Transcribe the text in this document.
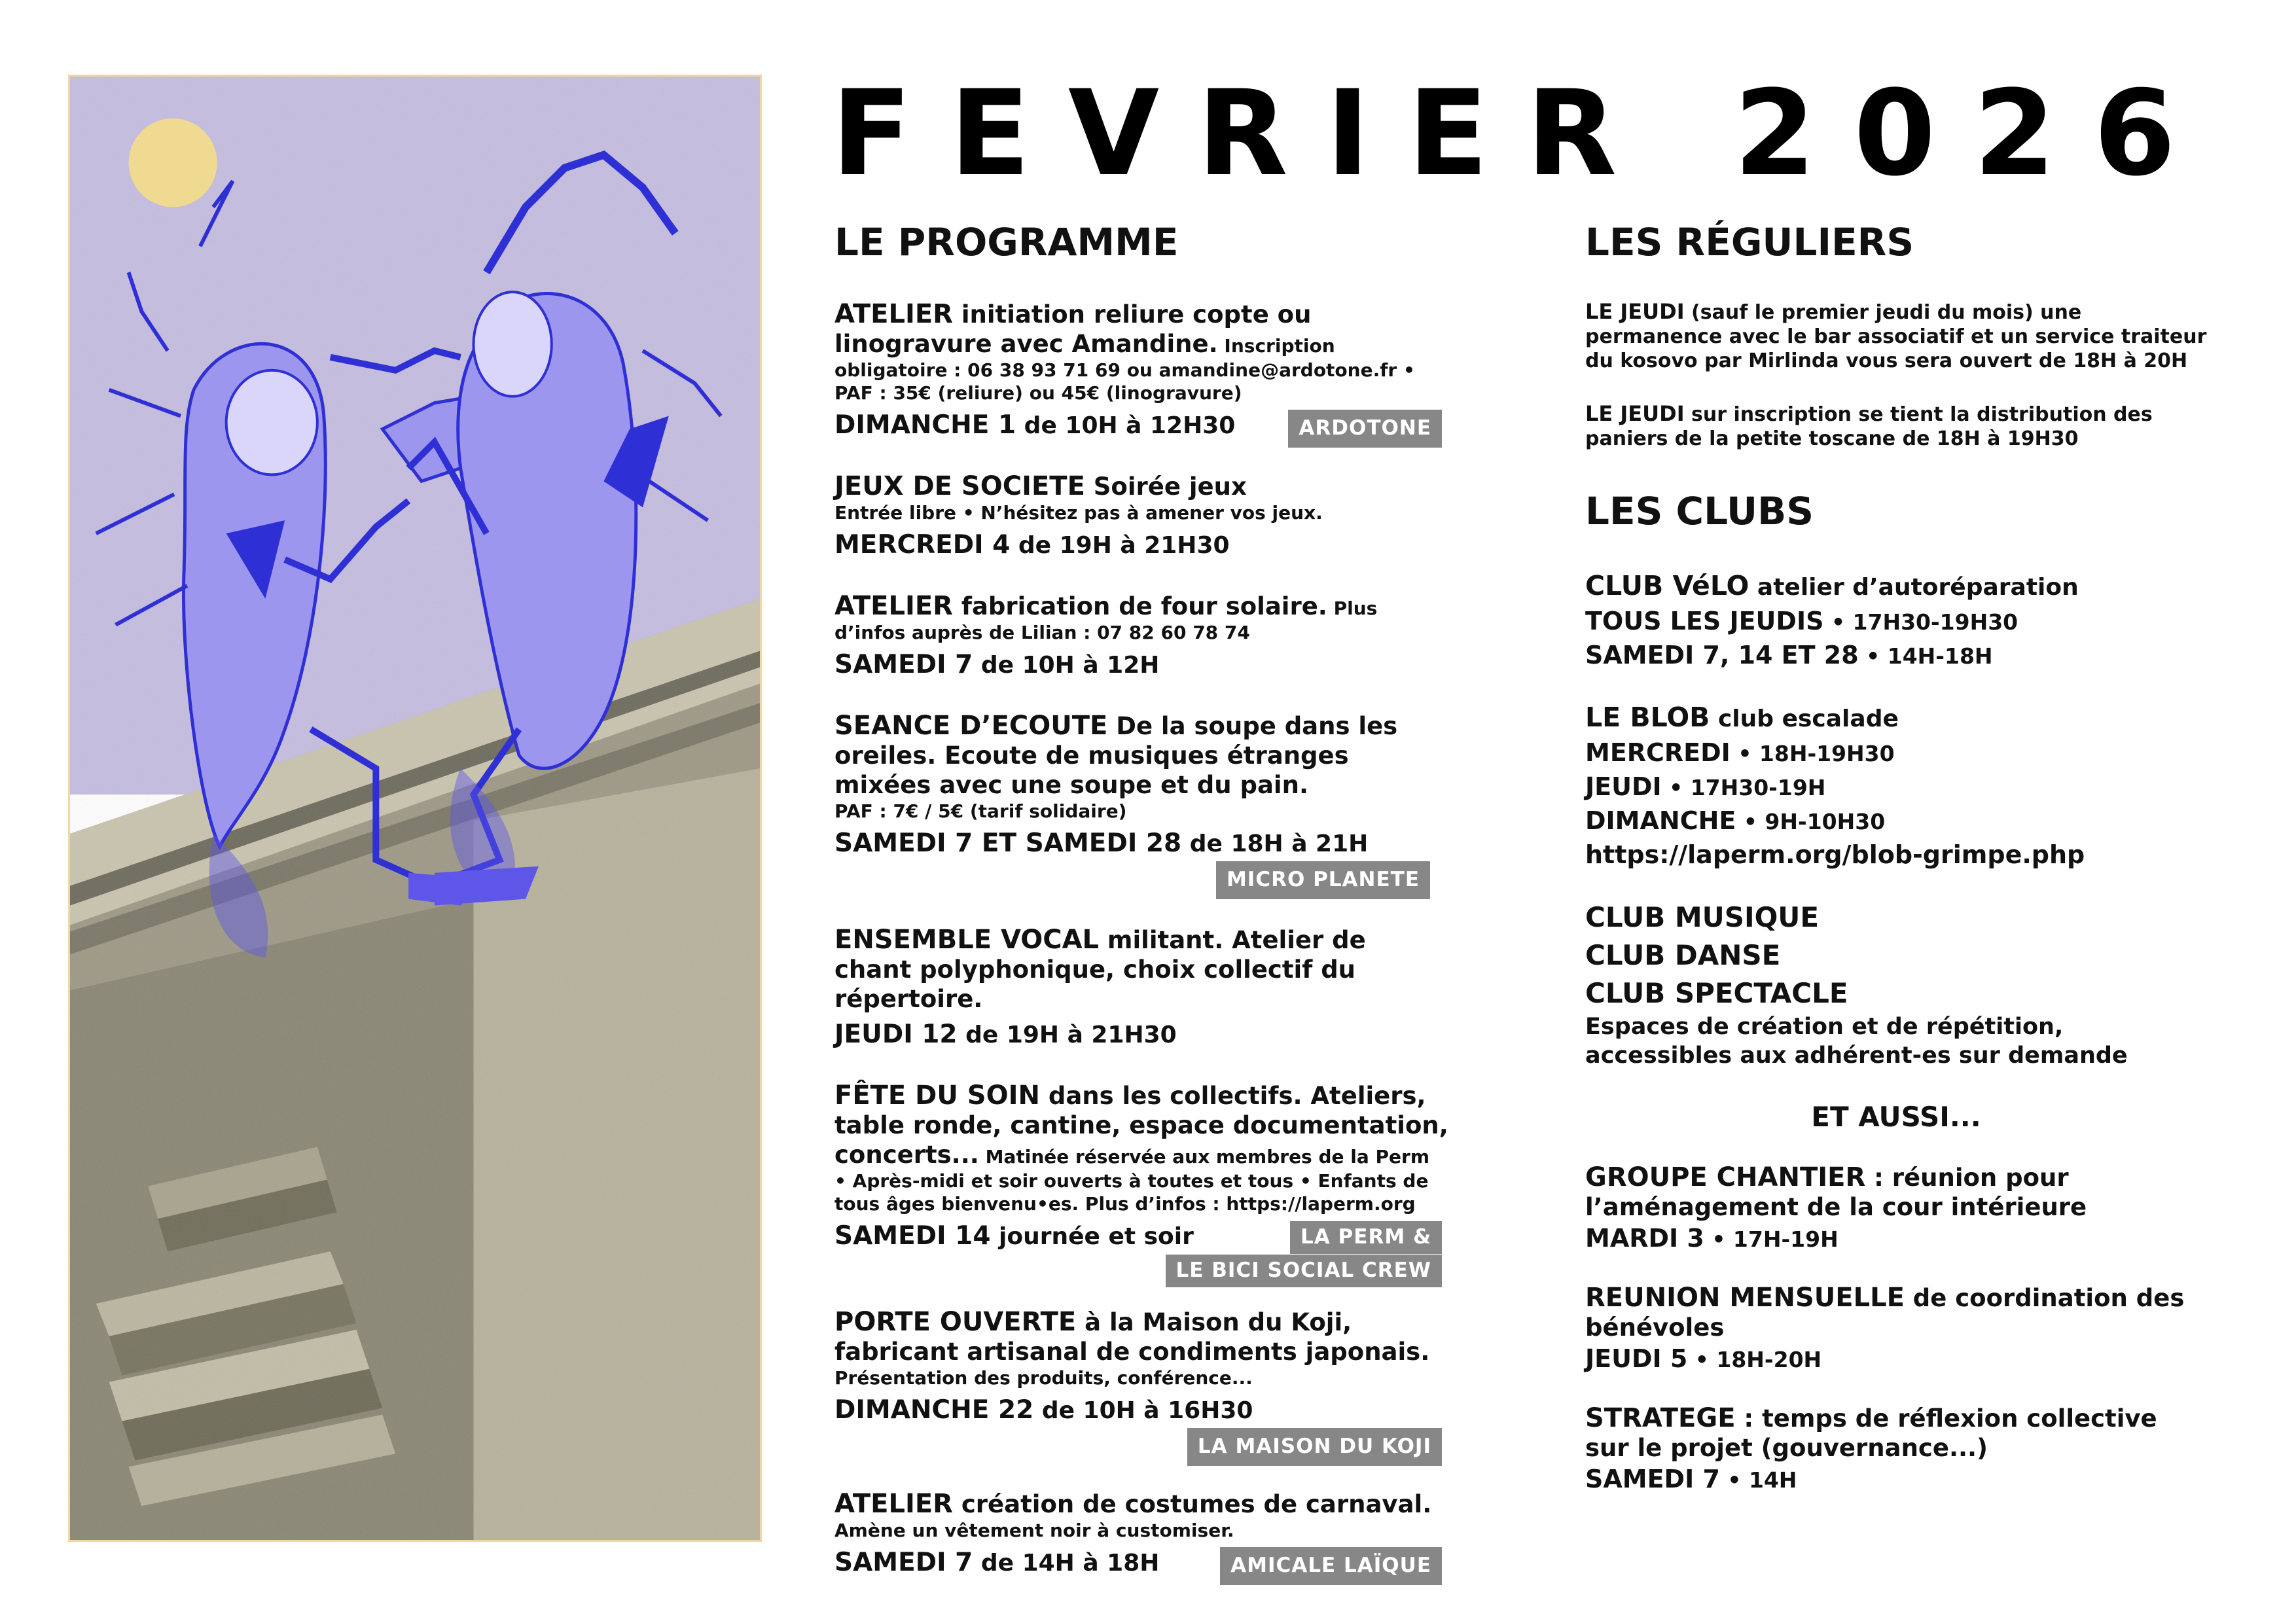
FEVRIER 2026
LE PROGRAMME
ATELIER initiation reliure copte ou linogravure avec Amandine. Inscription
obligatoire : 06 38 93 71 69 ou amandine@ardotone.fr • PAF : 35€ (reliure) ou 45€ (linogravure)
DIMANCHE 1 de 10H à 12H30	ARDOTONE
JEUX DE SOCIETE Soirée jeux
Entrée libre • N’hésitez pas à amener vos jeux.
MERCREDI 4 de 19H à 21H30
ATELIER fabrication de four solaire. Plus
d’infos auprès de Lilian : 07 82 60 78 74
SAMEDI 7 de 10H à 12H
SEANCE D’ECOUTE De la soupe dans les oreiles. Ecoute de musiques étranges mixées avec une soupe et du pain.
PAF : 7€ / 5€ (tarif solidaire)
SAMEDI 7 ET SAMEDI 28 de 18H à 21H
MICRO PLANETE
ENSEMBLE VOCAL militant. Atelier de chant polyphonique, choix collectif du répertoire.
JEUDI 12 de 19H à 21H30
FÊTE DU SOIN dans les collectifs. Ateliers, table ronde, cantine, espace documentation, concerts... Matinée réservée aux membres de la Perm
• Après-midi et soir ouverts à toutes et tous • Enfants de tous âges bienvenu•es. Plus d’infos : https://laperm.org
SAMEDI 14 journée et soir	LA PERM &
LE BICI SOCIAL CREW
PORTE OUVERTE à la Maison du Koji, fabricant artisanal de condiments japonais.
Présentation des produits, conférence...
DIMANCHE 22 de 10H à 16H30
LA MAISON DU KOJI
ATELIER création de costumes de carnaval.
Amène un vêtement noir à customiser.
SAMEDI 7 de 14H à 18H	AMICALE LAÏQUE
LES RÉGULIERS
LE JEUDI (sauf le premier jeudi du mois) une permanence avec le bar associatif et un service traiteur du kosovo par Mirlinda vous sera ouvert de 18H à 20H
LE JEUDI sur inscription se tient la distribution des paniers de la petite toscane de 18H à 19H30
LES CLUBS
CLUB VéLO atelier d’autoréparation
TOUS LES JEUDIS • 17H30-19H30
SAMEDI 7, 14 ET 28 • 14H-18H
LE BLOB club escalade
MERCREDI • 18H-19H30
JEUDI • 17H30-19H
DIMANCHE • 9H-10H30
https://laperm.org/blob-grimpe.php
CLUB MUSIQUE
CLUB DANSE
CLUB SPECTACLE
Espaces de création et de répétition, accessibles aux adhérent-es sur demande
ET AUSSI...
GROUPE CHANTIER : réunion pour l’aménagement de la cour intérieure
MARDI 3 • 17H-19H
REUNION MENSUELLE de coordination des bénévoles
JEUDI 5 • 18H-20H
STRATEGE : temps de réflexion collective sur le projet (gouvernance...)
SAMEDI 7 • 14H
